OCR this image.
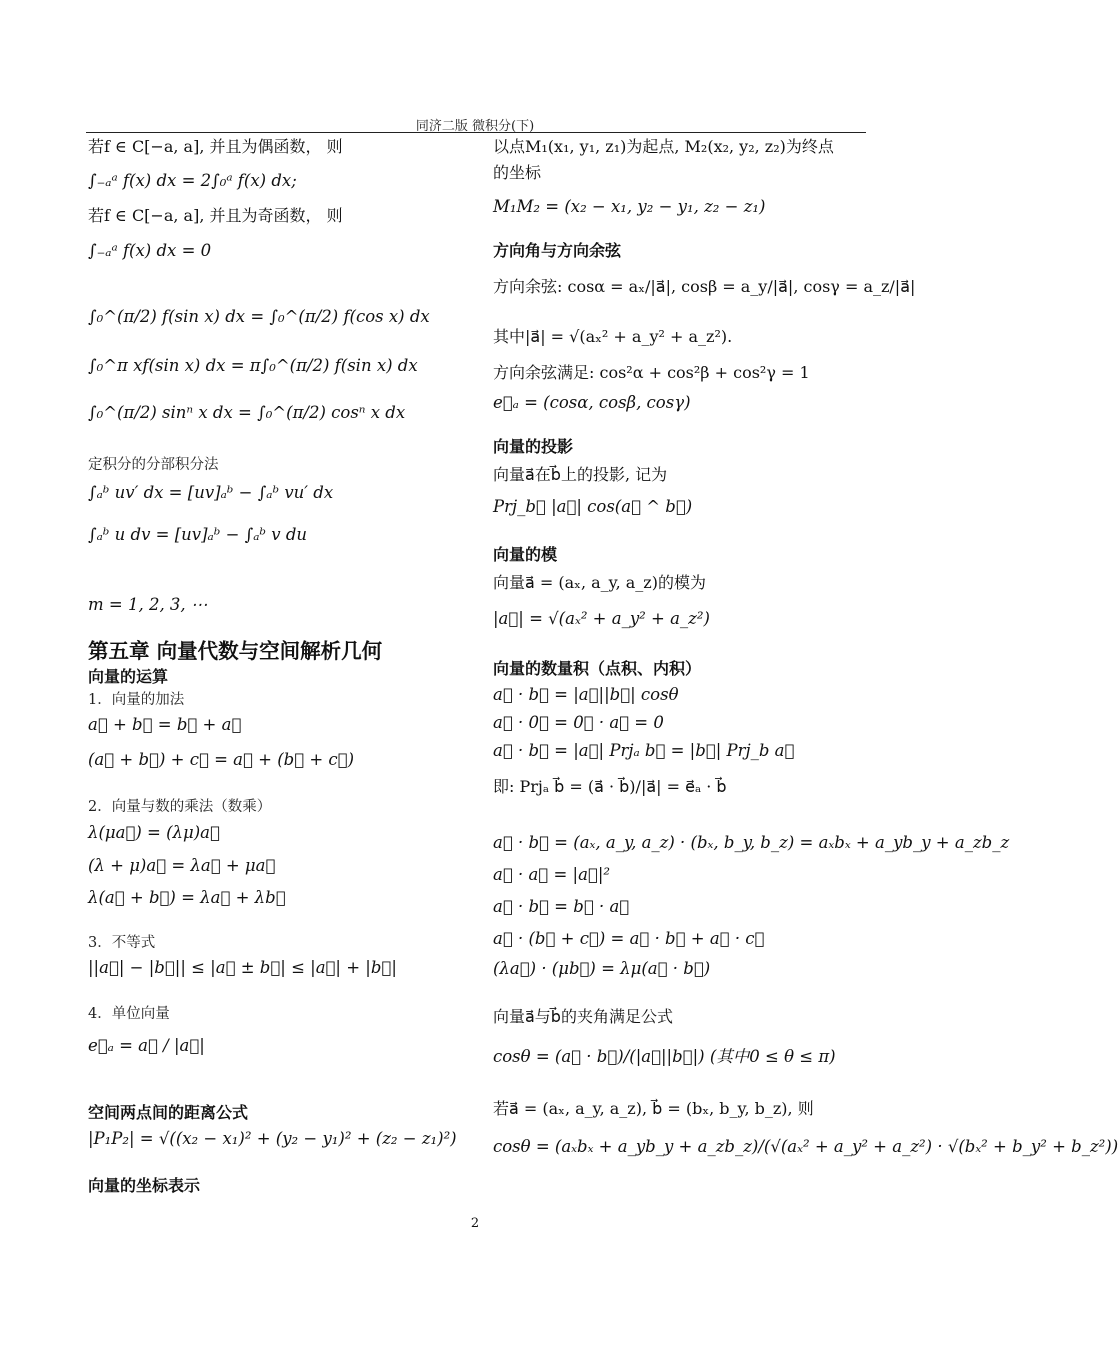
同济二版 微积分(下)
若f ∈ C[−a, a], 并且为偶函数， 则
∫₋ₐᵃ f(x) dx = 2∫₀ᵃ f(x) dx;
若f ∈ C[−a, a], 并且为奇函数， 则
∫₋ₐᵃ f(x) dx = 0
∫₀^(π/2) f(sin x) dx = ∫₀^(π/2) f(cos x) dx
∫₀^π xf(sin x) dx = π∫₀^(π/2) f(sin x) dx
∫₀^(π/2) sinⁿ x dx = ∫₀^(π/2) cosⁿ x dx
定积分的分部积分法
∫ₐᵇ uv′ dx = [uv]ₐᵇ − ∫ₐᵇ vu′ dx
∫ₐᵇ u dv = [uv]ₐᵇ − ∫ₐᵇ v du
m = 1, 2, 3, ⋯
第五章 向量代数与空间解析几何
向量的运算
1．向量的加法
a⃗ + b⃗ = b⃗ + a⃗
(a⃗ + b⃗) + c⃗ = a⃗ + (b⃗ + c⃗)
2．向量与数的乘法（数乘）
λ(μa⃗) = (λμ)a⃗
(λ + μ)a⃗ = λa⃗ + μa⃗
λ(a⃗ + b⃗) = λa⃗ + λb⃗
3．不等式
||a⃗| − |b⃗|| ≤ |a⃗ ± b⃗| ≤ |a⃗| + |b⃗|
4．单位向量
e⃗ₐ = a⃗ / |a⃗|
空间两点间的距离公式
|P₁P₂| = √((x₂ − x₁)² + (y₂ − y₁)² + (z₂ − z₁)²)
向量的坐标表示
以点M₁(x₁, y₁, z₁)为起点, M₂(x₂, y₂, z₂)为终点
的坐标
M₁M₂ = (x₂ − x₁, y₂ − y₁, z₂ − z₁)
方向角与方向余弦
方向余弦: cosα = aₓ/|a⃗|, cosβ = a_y/|a⃗|, cosγ = a_z/|a⃗|
其中|a⃗| = √(aₓ² + a_y² + a_z²).
方向余弦满足: cos²α + cos²β + cos²γ = 1
e⃗ₐ = (cosα, cosβ, cosγ)
向量的投影
向量a⃗在b⃗上的投影, 记为
Prj_b⃗ |a⃗| cos(a⃗ ^ b⃗)
向量的模
向量a⃗ = (aₓ, a_y, a_z)的模为
|a⃗| = √(aₓ² + a_y² + a_z²)
向量的数量积（点积、内积）
a⃗ · b⃗ = |a⃗||b⃗| cosθ
a⃗ · 0⃗ = 0⃗ · a⃗ = 0
a⃗ · b⃗ = |a⃗| Prjₐ b⃗ = |b⃗| Prj_b a⃗
即: Prjₐ b⃗ = (a⃗ · b⃗)/|a⃗| = e⃗ₐ · b⃗
a⃗ · b⃗ = (aₓ, a_y, a_z) · (bₓ, b_y, b_z) = aₓbₓ + a_yb_y + a_zb_z
a⃗ · a⃗ = |a⃗|²
a⃗ · b⃗ = b⃗ · a⃗
a⃗ · (b⃗ + c⃗) = a⃗ · b⃗ + a⃗ · c⃗
(λa⃗) · (μb⃗) = λμ(a⃗ · b⃗)
向量a⃗与b⃗的夹角满足公式
cosθ = (a⃗ · b⃗)/(|a⃗||b⃗|) (其中0 ≤ θ ≤ π)
若a⃗ = (aₓ, a_y, a_z), b⃗ = (bₓ, b_y, b_z), 则
cosθ = (aₓbₓ + a_yb_y + a_zb_z)/(√(aₓ² + a_y² + a_z²) · √(bₓ² + b_y² + b_z²))
2
